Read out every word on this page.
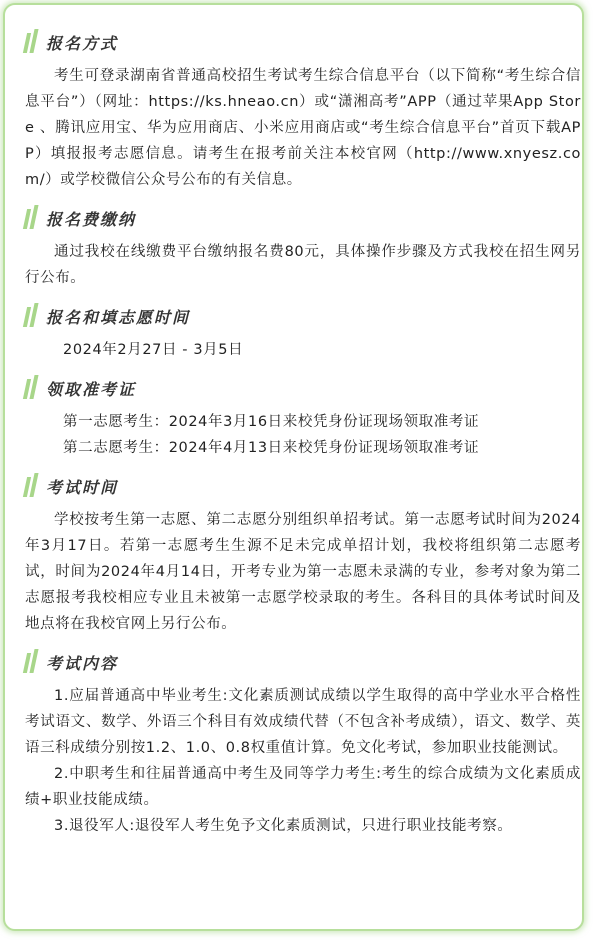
报名方式

考生可登录湖南省普通高校招生考试考生综合信息平台（以下简称“考生综合信息平台”）（网址：https://ks.hneao.cn）或“潇湘高考”APP（通过苹果App Store 、腾讯应用宝、华为应用商店、小米应用商店或“考生综合信息平台”首页下载APP）填报报考志愿信息。请考生在报考前关注本校官网（http://www.xnyesz.com/）或学校微信公众号公布的有关信息。

报名费缴纳

通过我校在线缴费平台缴纳报名费80元，具体操作步骤及方式我校在招生网另行公布。

报名和填志愿时间

2024年2月27日 - 3月5日

领取准考证

第一志愿考生：2024年3月16日来校凭身份证现场领取准考证

第二志愿考生：2024年4月13日来校凭身份证现场领取准考证

考试时间

学校按考生第一志愿、第二志愿分别组织单招考试。第一志愿考试时间为2024年3月17日。若第一志愿考生生源不足未完成单招计划，我校将组织第二志愿考试，时间为2024年4月14日，开考专业为第一志愿未录满的专业，参考对象为第二志愿报考我校相应专业且未被第一志愿学校录取的考生。各科目的具体考试时间及地点将在我校官网上另行公布。

考试内容

1.应届普通高中毕业考生:文化素质测试成绩以学生取得的高中学业水平合格性考试语文、数学、外语三个科目有效成绩代替（不包含补考成绩），语文、数学、英语三科成绩分别按1.2、1.0、0.8权重值计算。免文化考试，参加职业技能测试。

2.中职考生和往届普通高中考生及同等学力考生:考生的综合成绩为文化素质成绩+职业技能成绩。

3.退役军人:退役军人考生免予文化素质测试，只进行职业技能考察。
